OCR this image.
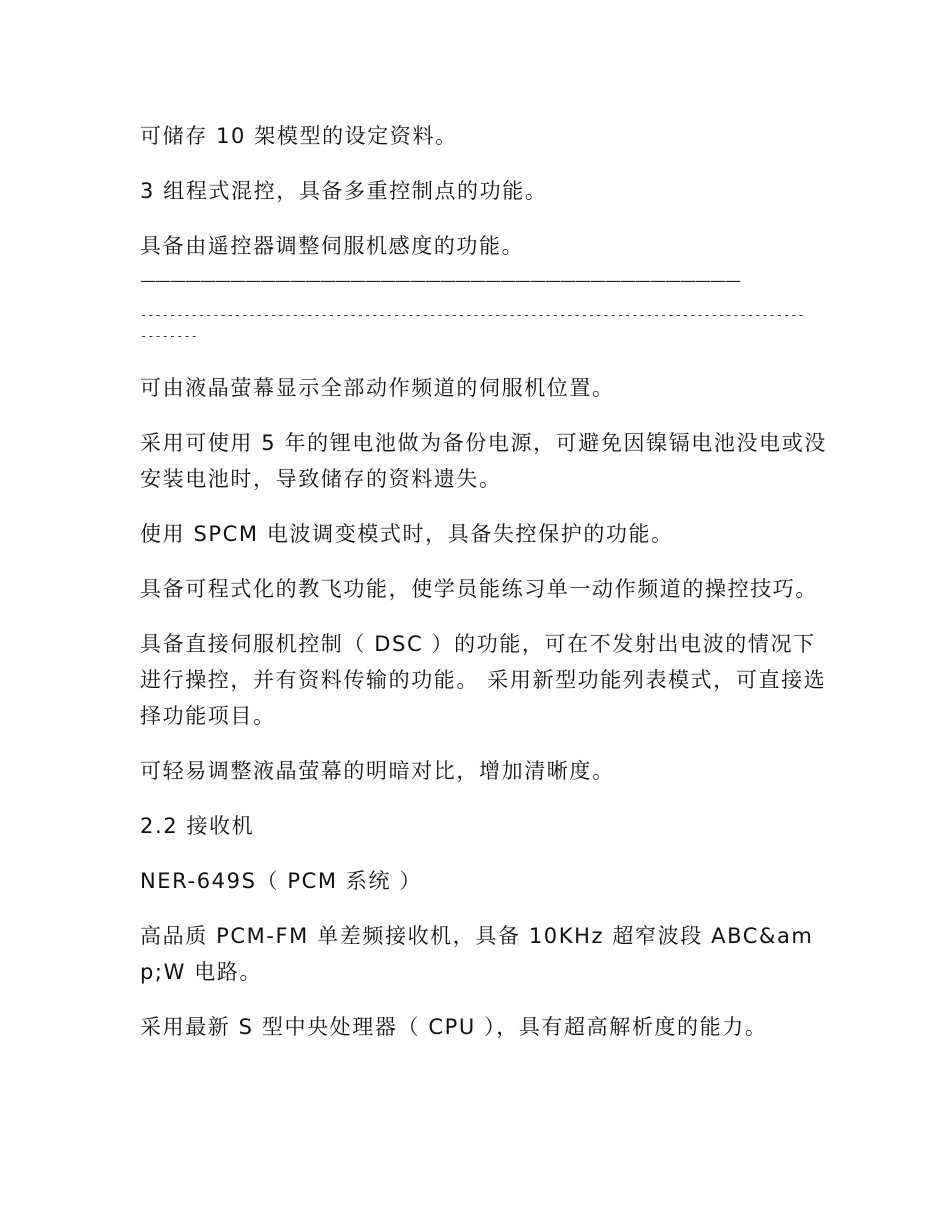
可储存 10 架模型的设定资料。

3 组程式混控，具备多重控制点的功能。

具备由遥控器调整伺服机感度的功能。

————————————————————————————————————————
----------------------------------------------------------------------------------------------------

可由液晶萤幕显示全部动作频道的伺服机位置。

采用可使用 5 年的锂电池做为备份电源，可避免因镍镉电池没电或没安装电池时，导致储存的资料遗失。

使用 SPCM 电波调变模式时，具备失控保护的功能。

具备可程式化的教飞功能，使学员能练习单一动作频道的操控技巧。

具备直接伺服机控制（ DSC ）的功能，可在不发射出电波的情况下进行操控，并有资料传输的功能。 采用新型功能列表模式，可直接选择功能项目。

可轻易调整液晶萤幕的明暗对比，增加清晰度。

2.2 接收机

NER-649S（ PCM 系统 ）

高品质 PCM-FM 单差频接收机，具备 10KHz 超窄波段 ABC&amp;W 电路。

采用最新 S 型中央处理器（ CPU ），具有超高解析度的能力。
